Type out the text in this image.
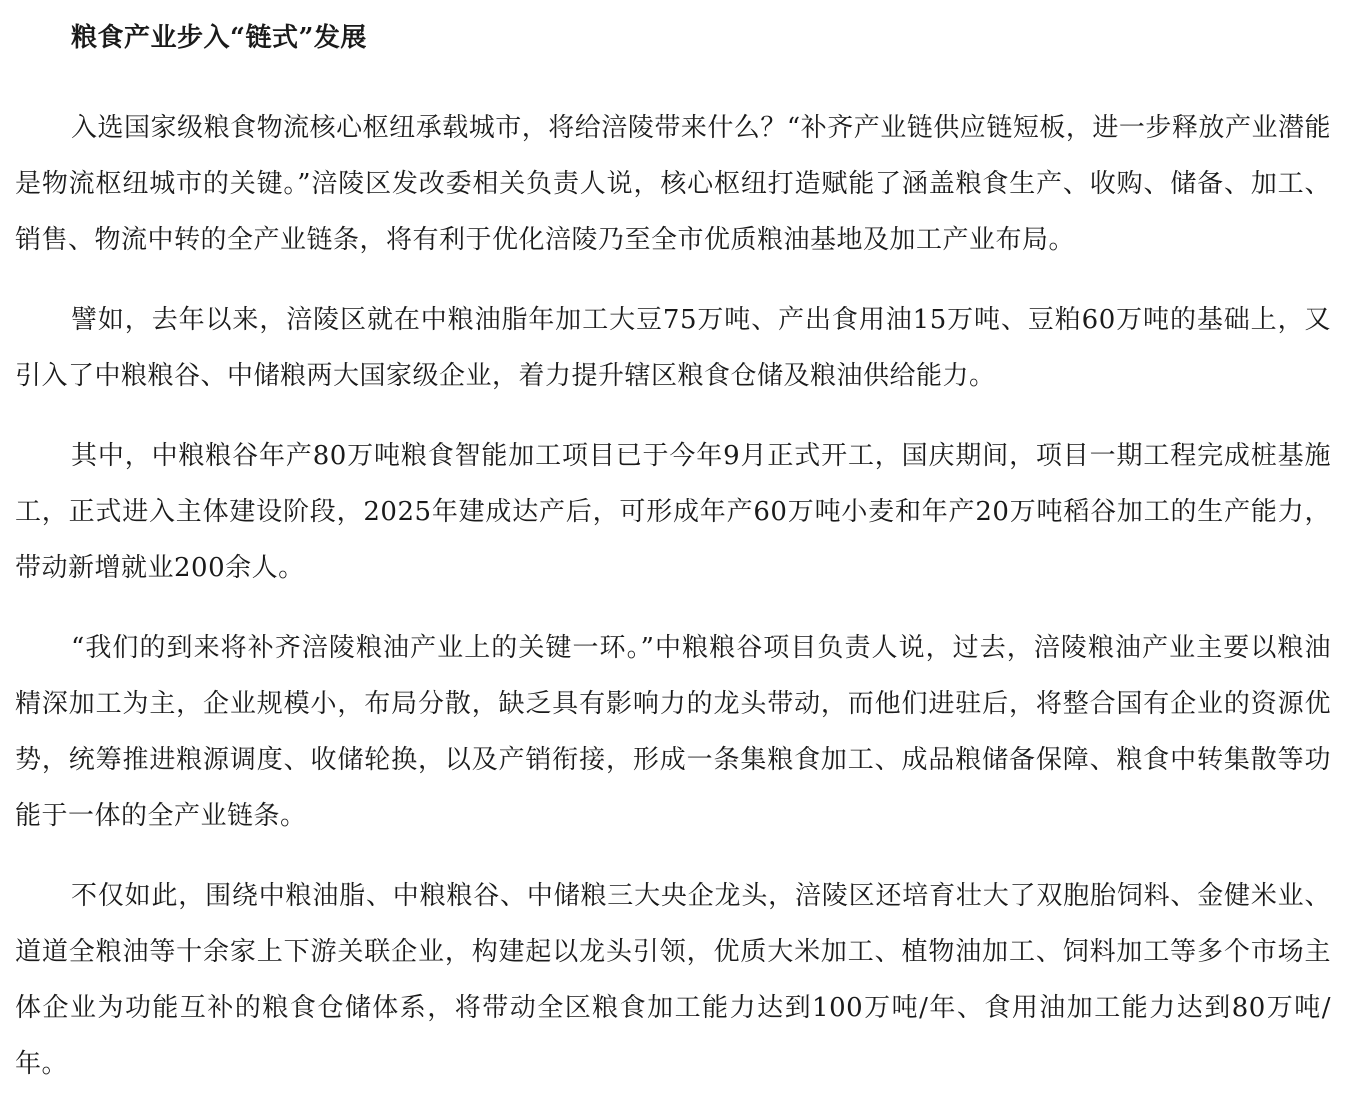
粮食产业步入“链式”发展

入选国家级粮食物流核心枢纽承载城市，将给涪陵带来什么？“补齐产业链供应链短板，进一步释放产业潜能是物流枢纽城市的关键。”涪陵区发改委相关负责人说，核心枢纽打造赋能了涵盖粮食生产、收购、储备、加工、销售、物流中转的全产业链条，将有利于优化涪陵乃至全市优质粮油基地及加工产业布局。

譬如，去年以来，涪陵区就在中粮油脂年加工大豆75万吨、产出食用油15万吨、豆粕60万吨的基础上，又引入了中粮粮谷、中储粮两大国家级企业，着力提升辖区粮食仓储及粮油供给能力。

其中，中粮粮谷年产80万吨粮食智能加工项目已于今年9月正式开工，国庆期间，项目一期工程完成桩基施工，正式进入主体建设阶段，2025年建成达产后，可形成年产60万吨小麦和年产20万吨稻谷加工的生产能力，带动新增就业200余人。

“我们的到来将补齐涪陵粮油产业上的关键一环。”中粮粮谷项目负责人说，过去，涪陵粮油产业主要以粮油精深加工为主，企业规模小，布局分散，缺乏具有影响力的龙头带动，而他们进驻后，将整合国有企业的资源优势，统筹推进粮源调度、收储轮换，以及产销衔接，形成一条集粮食加工、成品粮储备保障、粮食中转集散等功能于一体的全产业链条。

不仅如此，围绕中粮油脂、中粮粮谷、中储粮三大央企龙头，涪陵区还培育壮大了双胞胎饲料、金健米业、道道全粮油等十余家上下游关联企业，构建起以龙头引领，优质大米加工、植物油加工、饲料加工等多个市场主体企业为功能互补的粮食仓储体系，将带动全区粮食加工能力达到100万吨/年、食用油加工能力达到80万吨/年。
